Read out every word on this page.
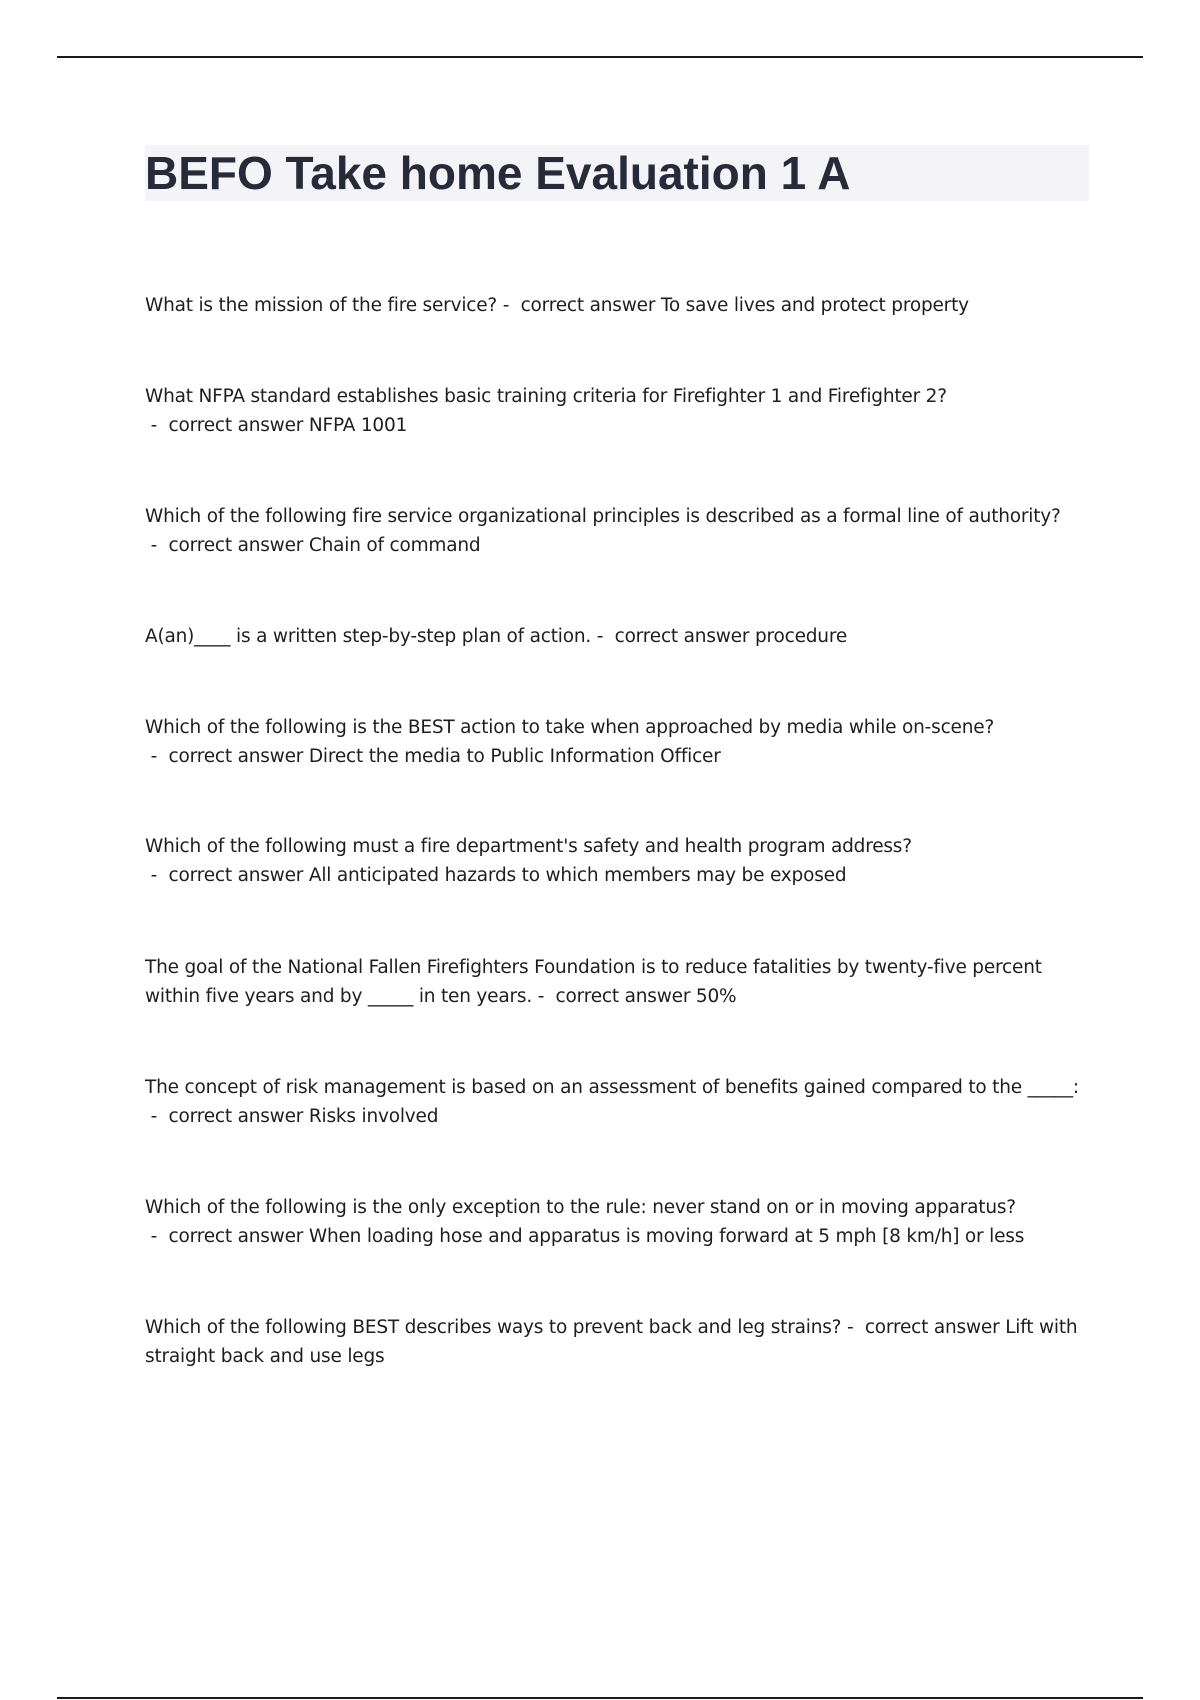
BEFO Take home Evaluation 1 A

What is the mission of the fire service? -  correct answer To save lives and protect property

What NFPA standard establishes basic training criteria for Firefighter 1 and Firefighter 2? -  correct answer NFPA 1001

Which of the following fire service organizational principles is described as a formal line of authority? -  correct answer Chain of command

A(an)____ is a written step-by-step plan of action. -  correct answer procedure

Which of the following is the BEST action to take when approached by media while on-scene? -  correct answer Direct the media to Public Information Officer

Which of the following must a fire department's safety and health program address? -  correct answer All anticipated hazards to which members may be exposed

The goal of the National Fallen Firefighters Foundation is to reduce fatalities by twenty-five percent within five years and by _____ in ten years. -  correct answer 50%

The concept of risk management is based on an assessment of benefits gained compared to the _____: -  correct answer Risks involved

Which of the following is the only exception to the rule: never stand on or in moving apparatus? -  correct answer When loading hose and apparatus is moving forward at 5 mph [8 km/h] or less

Which of the following BEST describes ways to prevent back and leg strains? -  correct answer Lift with straight back and use legs
